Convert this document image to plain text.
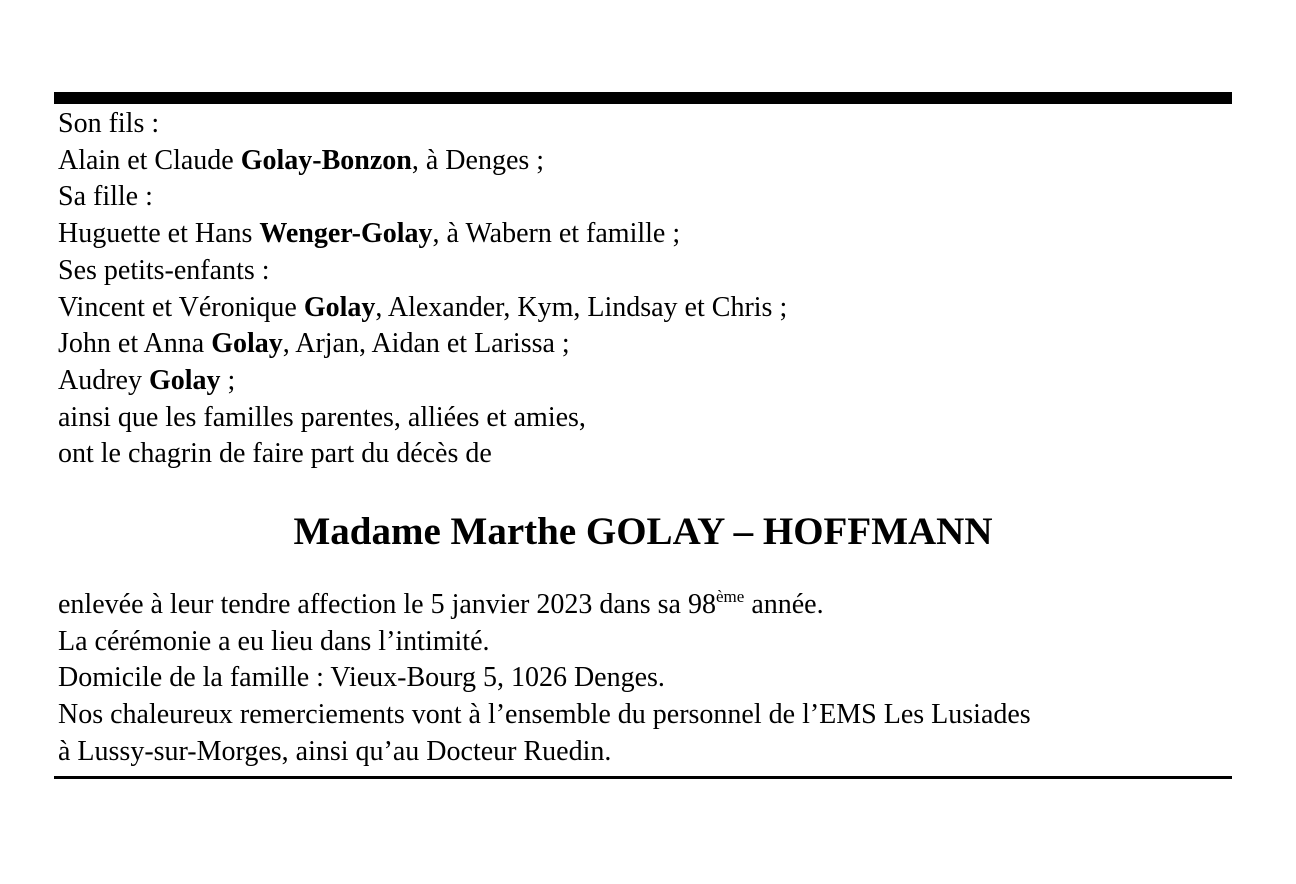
Son fils :
Alain et Claude Golay-Bonzon, à Denges ;
Sa fille :
Huguette et Hans Wenger-Golay, à Wabern et famille ;
Ses petits-enfants :
Vincent et Véronique Golay, Alexander, Kym, Lindsay et Chris ;
John et Anna Golay, Arjan, Aidan et Larissa ;
Audrey Golay ;
ainsi que les familles parentes, alliées et amies,
ont le chagrin de faire part du décès de
Madame Marthe GOLAY – HOFFMANN
enlevée à leur tendre affection le 5 janvier 2023 dans sa 98ème année.
La cérémonie a eu lieu dans l’intimité.
Domicile de la famille : Vieux-Bourg 5, 1026 Denges.
Nos chaleureux remerciements vont à l’ensemble du personnel de l’EMS Les Lusiades
à Lussy-sur-Morges, ainsi qu’au Docteur Ruedin.
